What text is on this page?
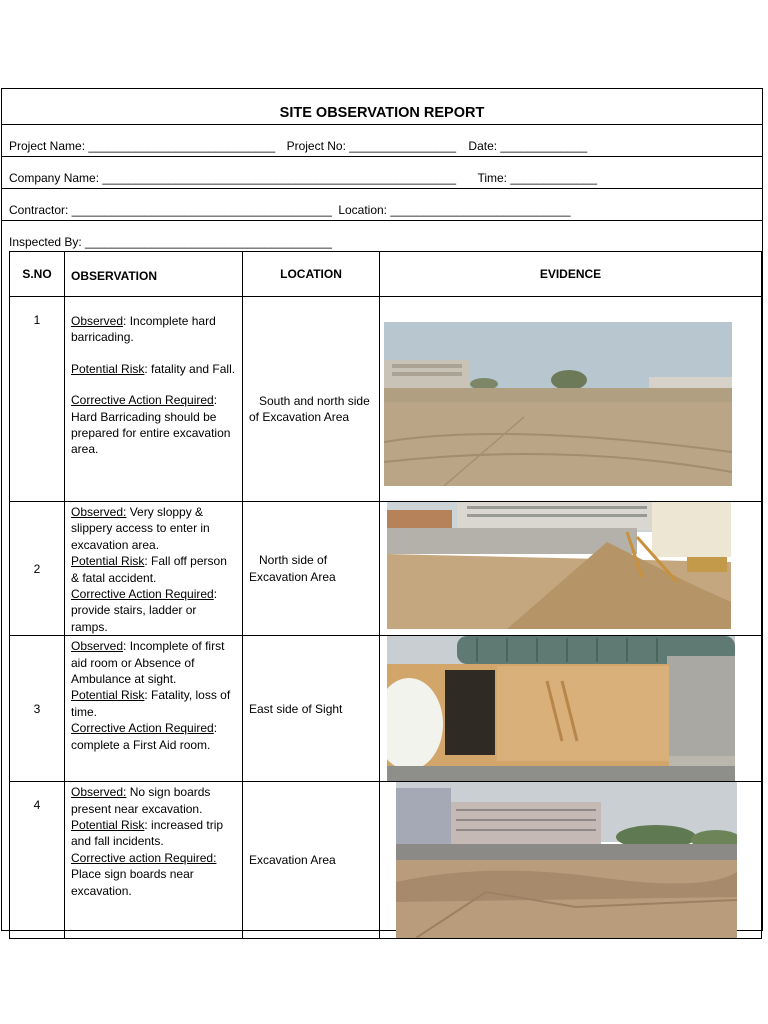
SITE OBSERVATION REPORT
Project Name: ____________________________ Project No: ________________ Date: _____________
Company Name: _____________________________________________________ Time: _____________
Contractor: _______________________________________ Location: ___________________________
Inspected By: _____________________________________
S.NO	OBSERVATION	LOCATION	EVIDENCE
1	Observed: Incomplete hard barricading.

Potential Risk: fatality and Fall.

Corrective Action Required: Hard Barricading should be prepared for entire excavation area.	South and north side of Excavation Area	

2	Observed: Very sloppy & slippery access to enter in excavation area.

Potential Risk: Fall off person & fatal accident.

Corrective Action Required: provide stairs, ladder or ramps.	North side of Excavation Area	

3	Observed: Incomplete of first aid room or Absence of Ambulance at sight.

Potential Risk: Fatality, loss of time.

Corrective Action Required: complete a First Aid room.	East side of Sight	

4	Observed: No sign boards present near excavation.

Potential Risk: increased trip and fall incidents.

Corrective action Required: Place sign boards near excavation.	Excavation Area	
